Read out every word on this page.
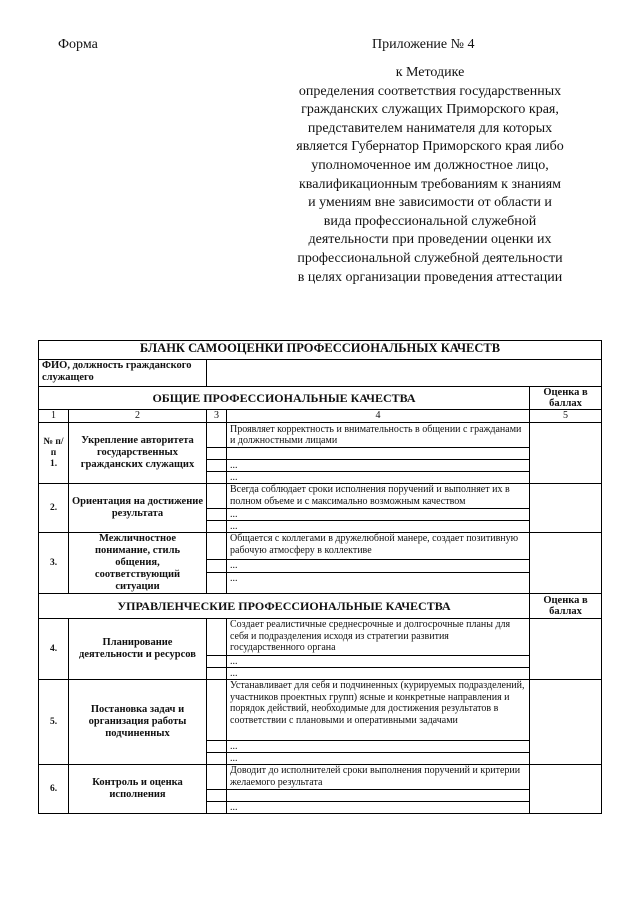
Форма	Приложение № 4
к Методике
определения соответствия государственных
гражданских служащих Приморского края,
представителем нанимателя для которых
является Губернатор Приморского края либо
уполномоченное им должностное лицо,
квалификационным требованиям к знаниям
и умениям вне зависимости от области и
вида профессиональной служебной
деятельности при проведении оценки их
профессиональной служебной деятельности
в целях организации проведения аттестации
БЛАНК САМООЦЕНКИ ПРОФЕССИОНАЛЬНЫХ КАЧЕСТВ				
ФИО, должность гражданского служащего				
ОБЩИЕ ПРОФЕССИОНАЛЬНЫЕ КАЧЕСТВА				Оценка в баллах
1	2	3	4	5

№ п/п
1.	Укрепление авторитета государственных гражданских служащих		Проявляет корректность и внимательность в общении с гражданами и должностными лицами	

			...	
			...	
2.	Ориентация на достижение результата		Всегда соблюдает сроки исполнения поручений и выполняет их в полном объеме и с максимально возможным качеством	
			...	
			...	
3.	Межличностное понимание, стиль общения, соответствующий ситуации		Общается с коллегами в дружелюбной манере, создает позитивную рабочую атмосферу в коллективе	
			...	
			...	
УПРАВЛЕНЧЕСКИЕ ПРОФЕССИОНАЛЬНЫЕ КАЧЕСТВА				Оценка в баллах
4.	Планирование деятельности и ресурсов		Создает реалистичные среднесрочные и долгосрочные планы для себя и подразделения исходя из стратегии развития государственного органа	
			...	
			...	
5.	Постановка задач и организация работы подчиненных		Устанавливает для себя и подчиненных (курируемых подразделений, участников проектных групп) ясные и конкретные направления и порядок действий, необходимые для достижения результатов в соответствии с плановыми и оперативными задачами	
			...	
			...	
6.	Контроль и оценка исполнения		Доводит до исполнителей сроки выполнения поручений и критерии желаемого результата	

			...	
